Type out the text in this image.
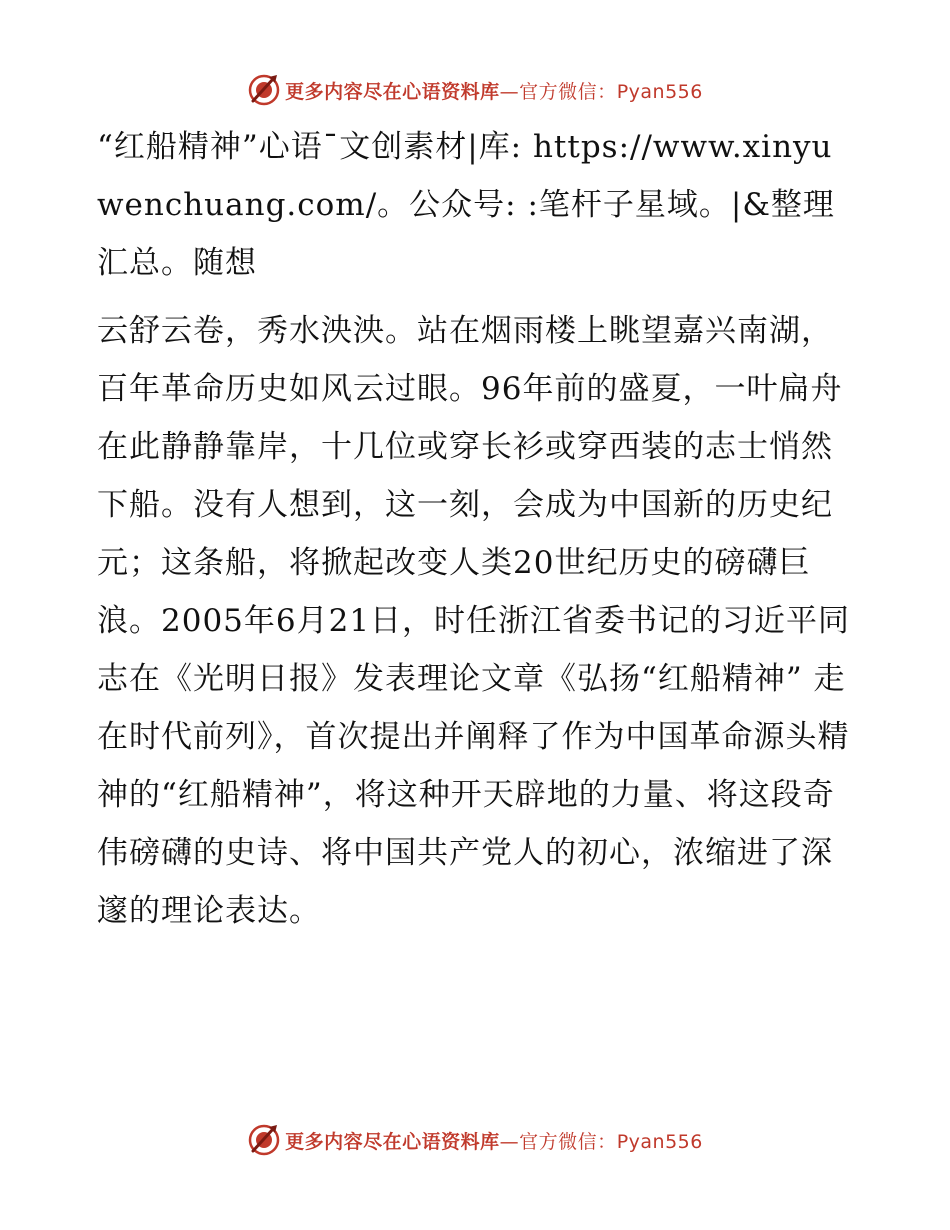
更多内容尽在心语资料库—官方微信：Pyan556

“红船精神”心语¯文创素材|库: https://www.xinyuwenchuang.com/。公众号: :笔杆子星域。|&整理汇总。随想

云舒云卷，秀水泱泱。站在烟雨楼上眺望嘉兴南湖，百年革命历史如风云过眼。96年前的盛夏，一叶扁舟在此静静靠岸，十几位或穿长衫或穿西装的志士悄然下船。没有人想到，这一刻，会成为中国新的历史纪元；这条船，将掀起改变人类20世纪历史的磅礴巨浪。2005年6月21日，时任浙江省委书记的习近平同志在《光明日报》发表理论文章《弘扬“红船精神” 走在时代前列》，首次提出并阐释了作为中国革命源头精神的“红船精神”，将这种开天辟地的力量、将这段奇伟磅礴的史诗、将中国共产党人的初心，浓缩进了深邃的理论表达。

更多内容尽在心语资料库—官方微信：Pyan556
